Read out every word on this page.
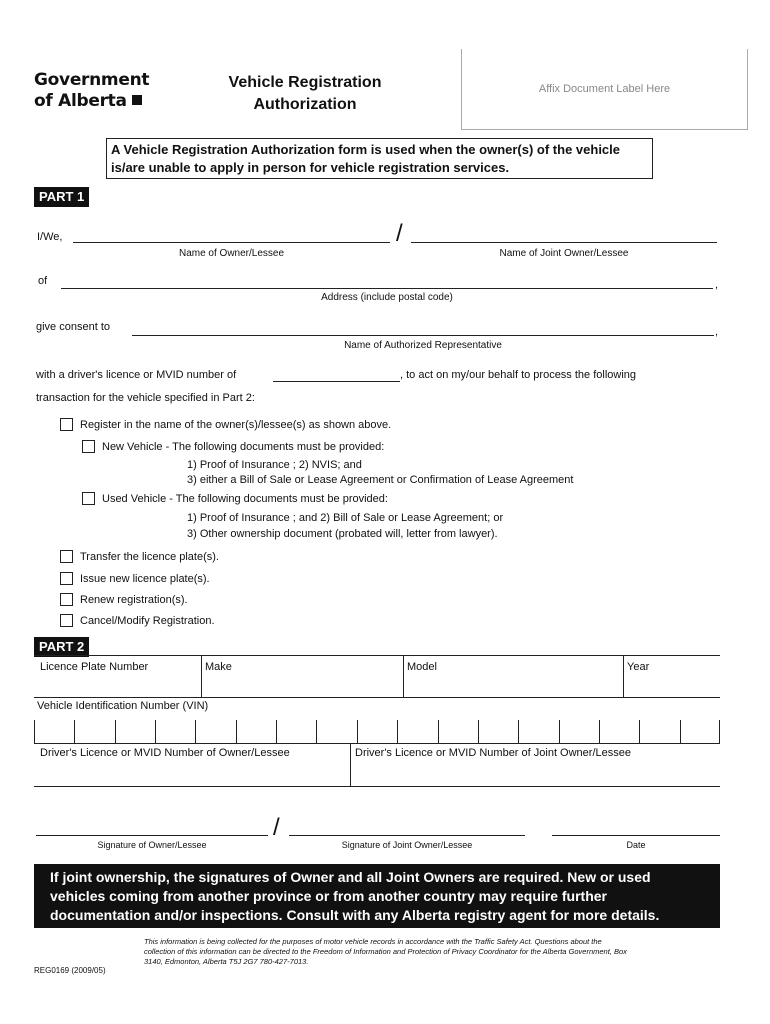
Government
of Alberta
Vehicle Registration
Authorization
Affix Document Label Here
A Vehicle Registration Authorization form is used when the owner(s) of the vehicle is/are unable to apply in person for vehicle registration services.
PART 1
I/We,	/
Name of Owner/Lessee	Name of Joint Owner/Lessee
of	,
Address (include postal code)
give consent to	,
Name of Authorized Representative
with a driver's licence or MVID number of	, to act on my/our behalf to process the following
transaction for the vehicle specified in Part 2:
Register in the name of the owner(s)/lessee(s) as shown above.
New Vehicle - The following documents must be provided:
1) Proof of Insurance ; 2) NVIS; and
3) either a Bill of Sale or Lease Agreement or Confirmation of Lease Agreement
Used Vehicle - The following documents must be provided:
1) Proof of Insurance ; and 2) Bill of Sale or Lease Agreement; or
3) Other ownership document (probated will, letter from lawyer).
Transfer the licence plate(s).
Issue new licence plate(s).
Renew registration(s).
Cancel/Modify Registration.
PART 2
Licence Plate Number	Make	Model	Year
Vehicle Identification Number (VIN)
Driver's Licence or MVID Number of Owner/Lessee	Driver's Licence or MVID Number of Joint Owner/Lessee
/
Signature of Owner/Lessee	Signature of Joint Owner/Lessee	Date
If joint ownership, the signatures of Owner and all Joint Owners are required. New or used vehicles coming from another province or from another country may require further documentation and/or inspections. Consult with any Alberta registry agent for more details.
This information is being collected for the purposes of motor vehicle records in accordance with the Traffic Safety Act. Questions about the collection of this information can be directed to the Freedom of Information and Protection of Privacy Coordinator for the Alberta Government, Box 3140, Edmonton, Alberta T5J 2G7 780-427-7013.
REG0169 (2009/05)
